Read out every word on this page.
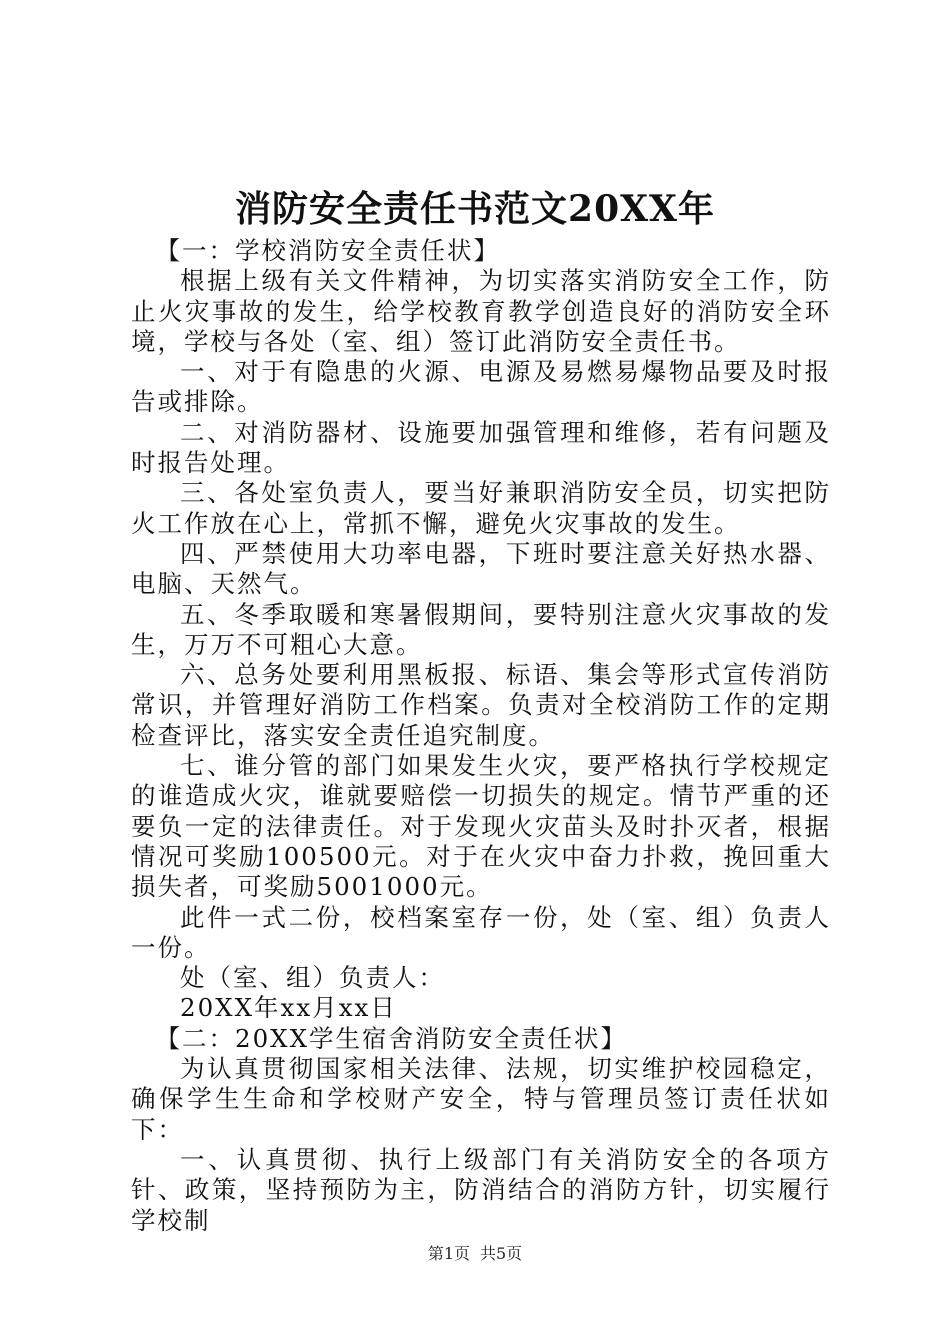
消防安全责任书范文20XX年

【一：学校消防安全责任状】

根据上级有关文件精神，为切实落实消防安全工作，防止火灾事故的发生，给学校教育教学创造良好的消防安全环境，学校与各处（室、组）签订此消防安全责任书。

一、对于有隐患的火源、电源及易燃易爆物品要及时报告或排除。

二、对消防器材、设施要加强管理和维修，若有问题及时报告处理。

三、各处室负责人，要当好兼职消防安全员，切实把防火工作放在心上，常抓不懈，避免火灾事故的发生。

四、严禁使用大功率电器，下班时要注意关好热水器、电脑、天然气。

五、冬季取暖和寒暑假期间，要特别注意火灾事故的发生，万万不可粗心大意。

六、总务处要利用黑板报、标语、集会等形式宣传消防常识，并管理好消防工作档案。负责对全校消防工作的定期检查评比，落实安全责任追究制度。

七、谁分管的部门如果发生火灾，要严格执行学校规定的谁造成火灾，谁就要赔偿一切损失的规定。情节严重的还要负一定的法律责任。对于发现火灾苗头及时扑灭者，根据情况可奖励100500元。对于在火灾中奋力扑救，挽回重大损失者，可奖励5001000元。

此件一式二份，校档案室存一份，处（室、组）负责人一份。

处（室、组）负责人：

20XX年xx月xx日

【二：20XX学生宿舍消防安全责任状】

为认真贯彻国家相关法律、法规，切实维护校园稳定，确保学生生命和学校财产安全，特与管理员签订责任状如下：

一、认真贯彻、执行上级部门有关消防安全的各项方针、政策，坚持预防为主，防消结合的消防方针，切实履行学校制

第1页 共5页
